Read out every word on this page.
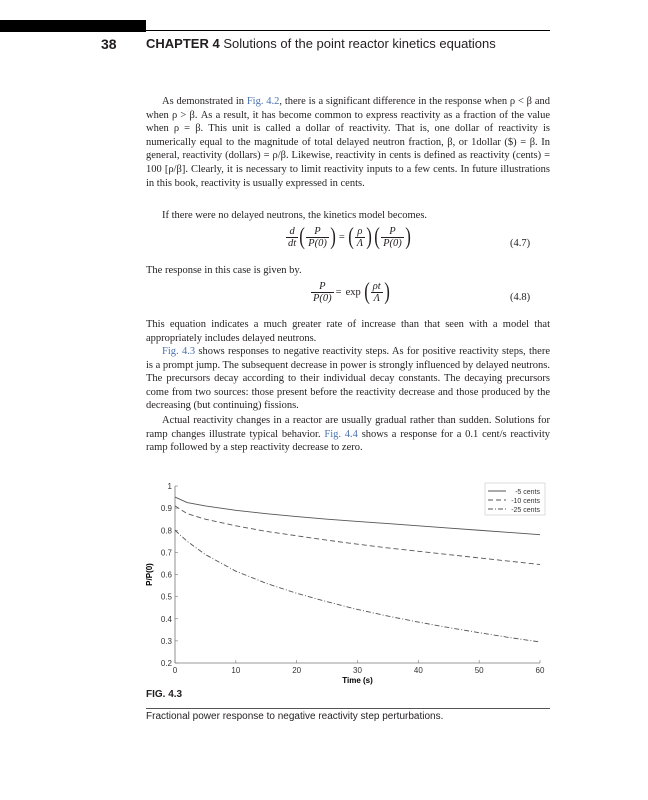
38 CHAPTER 4 Solutions of the point reactor kinetics equations

As demonstrated in Fig. 4.2, there is a significant difference in the response when ρ < β and when ρ > β. As a result, it has become common to express reactivity as a fraction of the value when ρ = β. This unit is called a dollar of reactivity. That is, one dollar of reactivity is numerically equal to the magnitude of total delayed neutron fraction, β, or 1dollar ($) = β. In general, reactivity (dollars) = ρ/β. Likewise, reactivity in cents is defined as reactivity (cents) = 100 [ρ/β]. Clearly, it is necessary to limit reactivity inputs to a few cents. In future illustrations in this book, reactivity is usually expressed in cents.

If there were no delayed neutrons, the kinetics model becomes.

$\frac{d}{dt}$ ( $\frac{P}{P(0)}$ ) = ( $\frac{\rho}{\Lambda}$ ) ( $\frac{P}{P(0)}$ )	(4.7)

The response in this case is given by.

$\frac{P}{P(0)} = \exp$ ( $\frac{\rho t}{\Lambda}$ )	(4.8)

This equation indicates a much greater rate of increase than that seen with a model that appropriately includes delayed neutrons.

Fig. 4.3 shows responses to negative reactivity steps. As for positive reactivity steps, there is a prompt jump. The subsequent decrease in power is strongly influenced by delayed neutrons. The precursors decay according to their individual decay constants. The decaying precursors come from two sources: those present before the reactivity decrease and those produced by the decreasing (but continuing) fissions.

Actual reactivity changes in a reactor are usually gradual rather than sudden. Solutions for ramp changes illustrate typical behavior. Fig. 4.4 shows a response for a 0.1 cent/s reactivity ramp followed by a step reactivity decrease to zero.

0	10	20	30	40	50	60
0.2
0.3
0.4
0.5
0.6
0.7
0.8
0.9
1
-5 cents
-10 cents
-25 cents
Time (s)
P/P(0)
FIG. 4.3
Fractional power response to negative reactivity step perturbations.
